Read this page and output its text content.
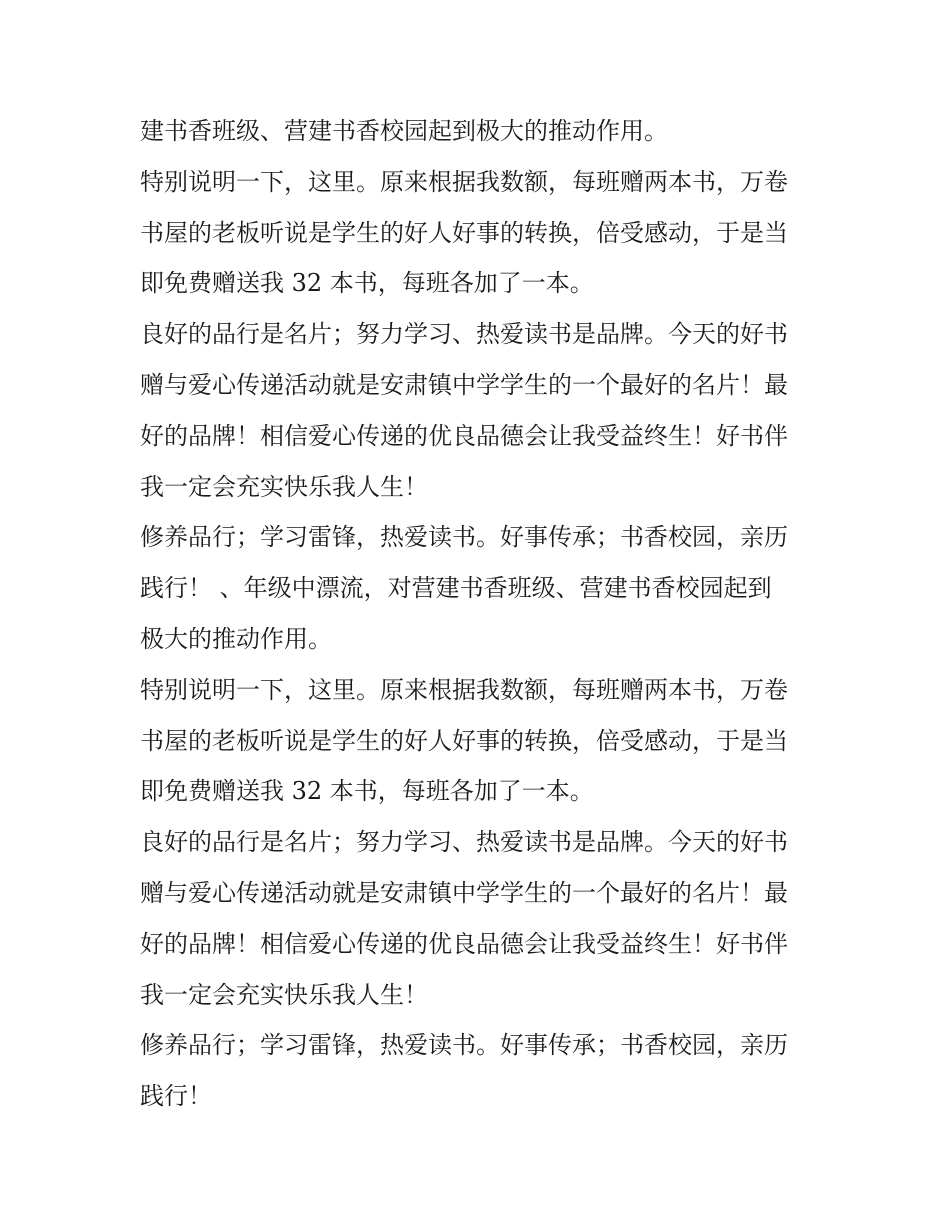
建书香班级、营建书香校园起到极大的推动作用。
特别说明一下，这里。原来根据我数额，每班赠两本书，万卷
书屋的老板听说是学生的好人好事的转换，倍受感动，于是当
即免费赠送我 32 本书，每班各加了一本。
良好的品行是名片；努力学习、热爱读书是品牌。今天的好书
赠与爱心传递活动就是安肃镇中学学生的一个最好的名片！最
好的品牌！相信爱心传递的优良品德会让我受益终生！好书伴
我一定会充实快乐我人生！
修养品行；学习雷锋，热爱读书。好事传承；书香校园，亲历
践行！ 、年级中漂流，对营建书香班级、营建书香校园起到
极大的推动作用。
特别说明一下，这里。原来根据我数额，每班赠两本书，万卷
书屋的老板听说是学生的好人好事的转换，倍受感动，于是当
即免费赠送我 32 本书，每班各加了一本。
良好的品行是名片；努力学习、热爱读书是品牌。今天的好书
赠与爱心传递活动就是安肃镇中学学生的一个最好的名片！最
好的品牌！相信爱心传递的优良品德会让我受益终生！好书伴
我一定会充实快乐我人生！
修养品行；学习雷锋，热爱读书。好事传承；书香校园，亲历
践行！
